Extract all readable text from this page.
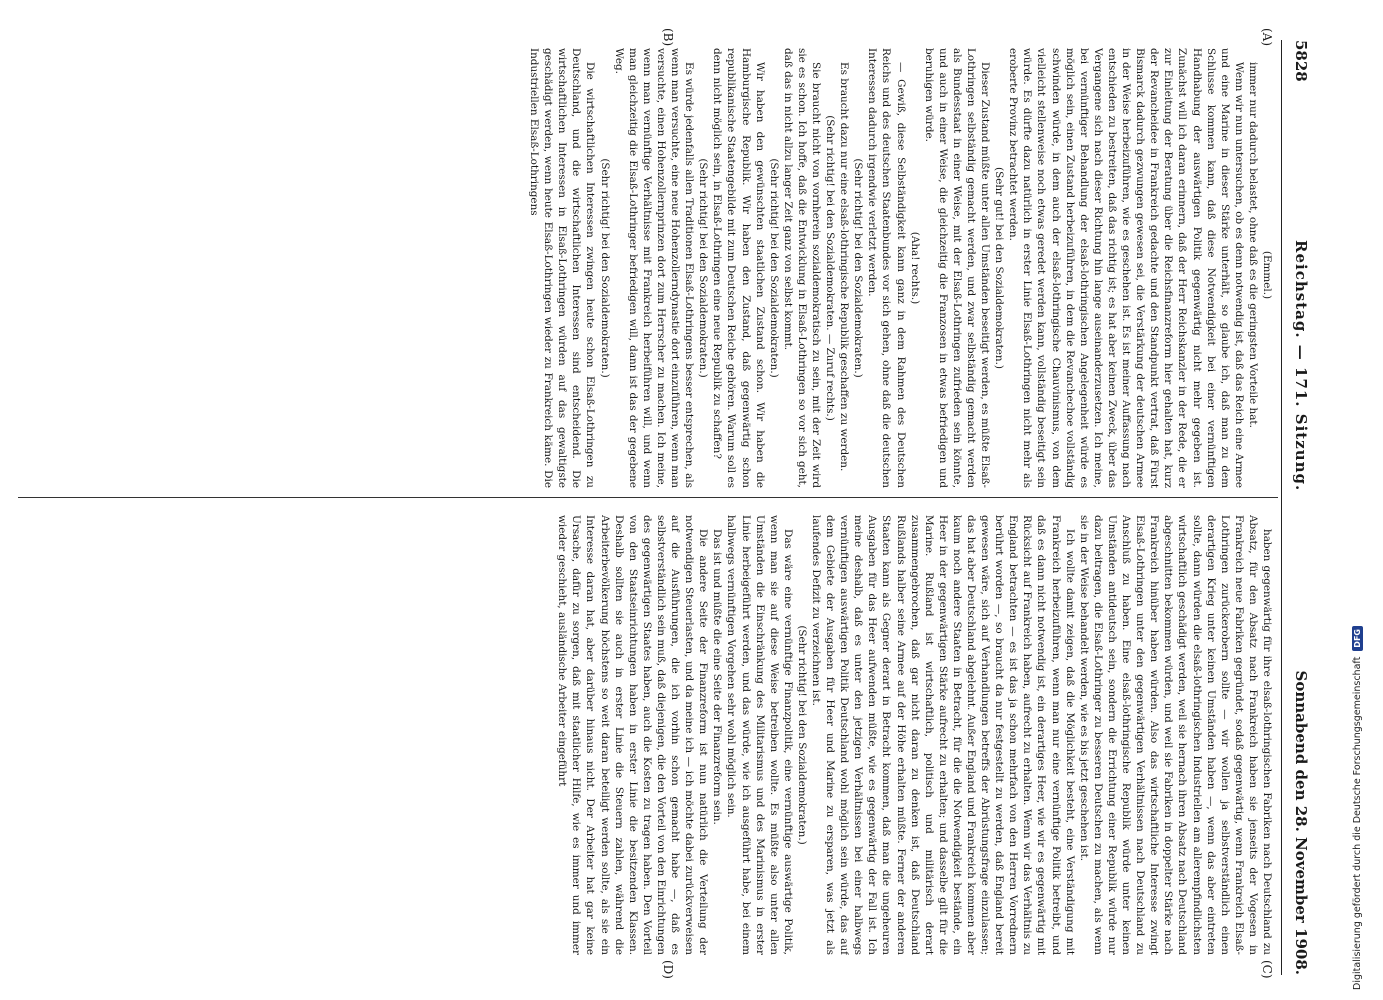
5828
Reichstag. — 171. Sitzung.
Sonnabend den 28. November 1908.
(A)
(B)
(C)
(D)

(Emmel.)

immer nur dadurch belastet, ohne daß es die geringsten Vorteile hat.

Wenn wir nun untersuchen, ob es denn notwendig ist, daß das Reich eine Armee und eine Marine in dieser Stärke unterhält, so glaube ich, daß man zu dem Schlusse kommen kann, daß diese Notwendigkeit bei einer vernünftigen Handhabung der auswärtigen Politik gegenwärtig nicht mehr gegeben ist. Zunächst will ich daran erinnern, daß der Herr Reichskanzler in der Rede, die er zur Einleitung der Beratung über die Reichsfinanzreform hier gehalten hat, kurz der Revancheidee in Frankreich gedachte und den Standpunkt vertrat, daß Fürst Bismarck dadurch gezwungen gewesen sei, die Verstärkung der deutschen Armee in der Weise herbeizuführen, wie es geschehen ist. Es ist meiner Auffassung nach entschieden zu bestreiten, daß das richtig ist; es hat aber keinen Zweck, über das Vergangene sich nach dieser Richtung hin lange auseinanderzusetzen. Ich meine, bei vernünftiger Behandlung der elsaß-lothringischen Angelegenheit würde es möglich sein, einen Zustand herbeizuführen, in dem die Revanchechoe vollständig schwinden würde, in dem auch der elsaß-lothringische Chauvinismus, von dem vielleicht stellenweise noch etwas geredet werden kann, vollständig beseitigt sein würde. Es dürfte dazu natürlich in erster Linie Elsaß-Lothringen nicht mehr als eroberte Provinz betrachtet werden.

(Sehr gut! bei den Sozialdemokraten.)

Dieser Zustand müßte unter allen Umständen beseitigt werden, es müßte Elsaß-Lothringen selbständig gemacht werden, und zwar selbständig gemacht werden als Bundesstaat in einer Weise, mit der Elsaß-Lothringen zufrieden sein könnte, und auch in einer Weise, die gleichzeitig die Franzosen in etwas befriedigen und beruhigen würde.

(Aha! rechts.)

— Gewiß, diese Selbständigkeit kann ganz in dem Rahmen des Deutschen Reichs und des deutschen Staatenbundes vor sich gehen, ohne daß die deutschen Interessen dadurch irgendwie verletzt werden.

(Sehr richtig! bei den Sozialdemokraten.)

Es braucht dazu nur eine elsaß-lothringische Republik geschaffen zu werden.

(Sehr richtig! bei den Sozialdemokraten. — Zuruf rechts.)

Sie braucht nicht von vornherein sozialdemokratisch zu sein, mit der Zeit wird sie es schon. Ich hoffe, daß die Entwicklung in Elsaß-Lothringen so vor sich geht, daß das in nicht allzu langer Zeit ganz von selbst kommt.

(Sehr richtig! bei den Sozialdemokraten.)

Wir haben den gewünschten staatlichen Zustand schon. Wir haben die Hamburgische Republik. Wir haben den Zustand, daß gegenwärtig schon republikanische Staatengebilde mit zum Deutschen Reiche gehören. Warum soll es denn nicht möglich sein, in Elsaß-Lothringen eine neue Republik zu schaffen?

(Sehr richtig! bei den Sozialdemokraten.)

Es würde jedenfalls allen Traditionen Elsaß-Lothringens besser entsprechen, als wenn man versuchte, eine neue Hohenzollerndynastie dort einzuführen, wenn man versuchte, einen Hohenzollernprinzen dort zum Herrscher zu machen. Ich meine, wenn man vernünftige Verhältnisse mit Frankreich herbeiführen will, und wenn man gleichzeitig die Elsaß-Lothringer befriedigen will, dann ist das der gegebene Weg.

(Sehr richtig! bei den Sozialdemokraten.)

Die wirtschaftlichen Interessen zwingen heute schon Elsaß-Lothringen zu Deutschland, und die wirtschaftlichen Interessen sind entscheidend. Die wirtschaftlichen Interessen in Elsaß-Lothringen würden auf das gewaltigste geschädigt werden, wenn heute Elsaß-Lothringen wieder zu Frankreich käme. Die Industriellen Elsaß-Lothringens

haben gegenwärtig für ihre elsaß-lothringischen Fabriken nach Deutschland zu Absatz, für den Absatz nach Frankreich haben sie jenseits der Vogesen in Frankreich neue Fabriken gegründet, sodaß gegenwärtig, wenn Frankreich Elsaß-Lothringen zurückerobern sollte — wir wollen ja selbstverständlich einen derartigen Krieg unter keinen Umständen haben —, wenn das aber eintreten sollte, dann würden die elsaß-lothringischen Industriellen am allerempfindlichsten wirtschaftlich geschädigt werden, weil sie hernach ihren Absatz nach Deutschland abgeschnitten bekommen würden, und weil sie Fabriken in doppelter Stärke nach Frankreich hinüber haben würden. Also das wirtschaftliche Interesse zwingt Elsaß-Lothringen unter den gegenwärtigen Verhältnissen nach Deutschland zu Anschluß zu haben. Eine elsaß-lothringische Republik würde unter keinen Umständen antideutsch sein, sondern die Errichtung einer Republik würde nur dazu beitragen, die Elsaß-Lothringer zu besseren Deutschen zu machen, als wenn sie in der Weise behandelt werden, wie es bis jetzt geschehen ist.

Ich wollte damit zeigen, daß die Möglichkeit besteht, eine Verständigung mit Frankreich herbeizuführen, wenn man nur eine vernünftige Politik betreibt, und daß es dann nicht notwendig ist, ein derartiges Heer, wie wir es gegenwärtig mit Rücksicht auf Frankreich haben, aufrecht zu erhalten. Wenn wir das Verhältnis zu England betrachten — es ist das ja schon mehrfach von den Herren Vorrednern berührt worden —, so braucht da nur festgestellt zu werden, daß England bereit gewesen wäre, sich auf Verhandlungen betreffs der Abrüstungsfrage einzulassen; das hat aber Deutschland abgelehnt. Außer England und Frankreich kommen aber kaum noch andere Staaten in Betracht, für die die Notwendigkeit bestände, ein Heer in der gegenwärtigen Stärke aufrecht zu erhalten; und dasselbe gilt für die Marine. Rußland ist wirtschaftlich, politisch und militärisch derart zusammengebrochen, daß gar nicht daran zu denken ist, daß Deutschland Rußlands halber seine Armee auf der Höhe erhalten müßte. Ferner der anderen Staaten kann als Gegner derart in Betracht kommen, daß man die ungeheuren Ausgaben für das Heer aufwenden müßte, wie es gegenwärtig der Fall ist. Ich meine deshalb, daß es unter den jetzigen Verhältnissen bei einer halbwegs vernünftigen auswärtigen Politik Deutschland wohl möglich sein würde, das auf dem Gebiete der Ausgaben für Heer und Marine zu ersparen, was jetzt als laufendes Defizit zu verzeichnen ist.

(Sehr richtig! bei den Sozialdemokraten.)

Das wäre eine vernünftige Finanzpolitik, eine vernünftige auswärtige Politik, wenn man sie auf diese Weise betreiben wollte. Es müßte also unter allen Umständen die Einschränkung des Militarismus und des Marinismus in erster Linie herbeigeführt werden, und das würde, wie ich ausgeführt habe, bei einem halbwegs vernünftigen Vorgehen sehr wohl möglich sein.

Das ist und müßte die eine Seite der Finanzreform sein.

Die andere Seite der Finanzreform ist nun natürlich die Verteilung der notwendigen Steuerlasten, und da meine ich — ich möchte dabei zurückverweisen auf die Ausführungen, die ich vorhin schon gemacht habe —, daß es selbstverständlich sein muß, daß diejenigen, die den Vorteil von den Einrichtungen des gegenwärtigen Staates haben, auch die Kosten zu tragen haben. Den Vorteil von den Staatseinrichtungen haben in erster Linie die besitzenden Klassen. Deshalb sollten sie auch in erster Linie die Steuern zahlen, während die Arbeiterbevölkerung höchstens so weit daran beteiligt werden sollte, als sie ein Interesse daran hat, aber darüber hinaus nicht. Der Arbeiter hat gar keine Ursache, dafür zu sorgen, daß mit staatlicher Hilfe, wie es immer und immer wieder geschieht, ausländische Arbeiter eingeführt

Digitalisierung gefördert durch die Deutsche Forschungsgemeinschaft
DFG
